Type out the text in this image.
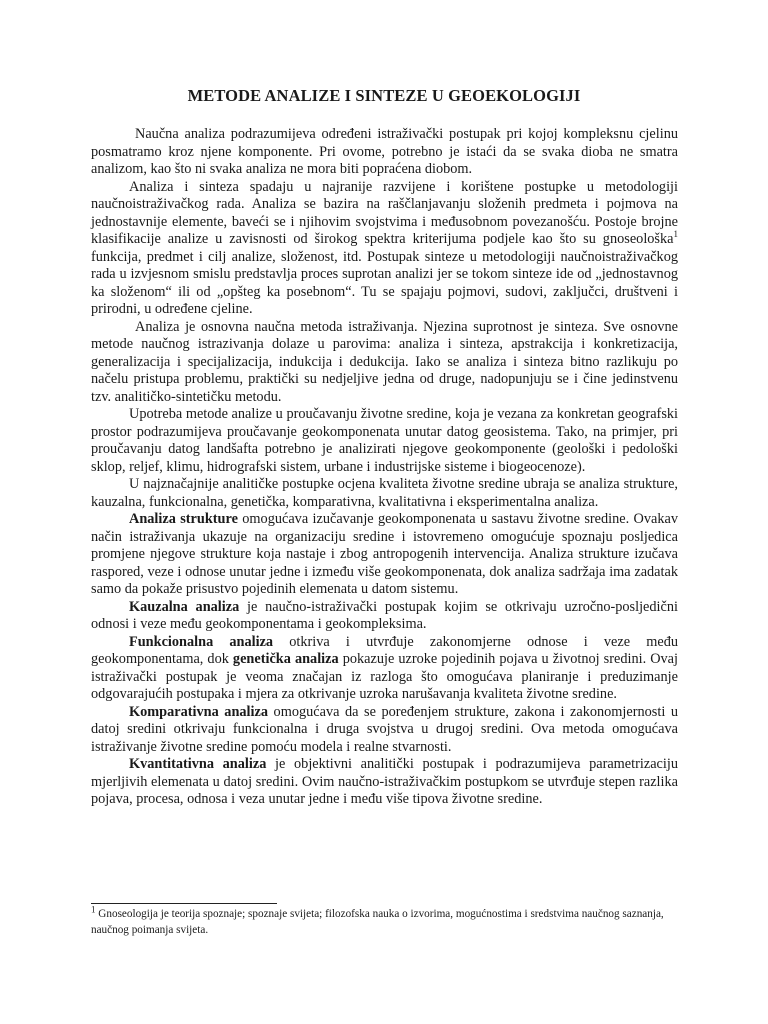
METODE ANALIZE I SINTEZE U GEOEKOLOGIJI

Naučna analiza podrazumijeva određeni istraživački postupak pri kojoj kompleksnu cjelinu posmatramo kroz njene komponente. Pri ovome, potrebno je istaći da se svaka dioba ne smatra analizom, kao što ni svaka analiza ne mora biti popraćena diobom.

Analiza i sinteza spadaju u najranije razvijene i korištene postupke u metodologiji naučnoistraživačkog rada. Analiza se bazira na raščlanjavanju složenih predmeta i pojmova na jednostavnije elemente, baveći se i njihovim svojstvima i međusobnom povezanošću. Postoje brojne klasifikacije analize u zavisnosti od širokog spektra kriterijuma podjele kao što su gnoseološka$^1$ funkcija, predmet i cilj analize, složenost, itd. Postupak sinteze u metodologiji naučnoistraživačkog rada u izvjesnom smislu predstavlja proces suprotan analizi jer se tokom sinteze ide od „jednostavnog ka složenom“ ili od „opšteg ka posebnom“. Tu se spajaju pojmovi, sudovi, zaključci, društveni i prirodni, u određene cjeline.

Analiza je osnovna naučna metoda istraživanja. Njezina suprotnost je sinteza. Sve osnovne metode naučnog istrazivanja dolaze u parovima: analiza i sinteza, apstrakcija i konkretizacija, generalizacija i specijalizacija, indukcija i dedukcija. Iako se analiza i sinteza bitno razlikuju po načelu pristupa problemu, praktički su nedjeljive jedna od druge, nadopunjuju se i čine jedinstvenu tzv. analitičko-sintetičku metodu.

Upotreba metode analize u proučavanju životne sredine, koja je vezana za konkretan geografski prostor podrazumijeva proučavanje geokomponenata unutar datog geosistema. Tako, na primjer, pri proučavanju datog landšafta potrebno je analizirati njegove geokomponente (geološki i pedološki sklop, reljef, klimu, hidrografski sistem, urbane i industrijske sisteme i biogeocenoze).

U najznačajnije analitičke postupke ocjena kvaliteta životne sredine ubraja se analiza strukture, kauzalna, funkcionalna, genetička, komparativna, kvalitativna i eksperimentalna analiza.

Analiza strukture omogućava izučavanje geokomponenata u sastavu životne sredine. Ovakav način istraživanja ukazuje na organizaciju sredine i istovremeno omogućuje spoznaju posljedica promjene njegove strukture koja nastaje i zbog antropogenih intervencija. Analiza strukture izučava raspored, veze i odnose unutar jedne i između više geokomponenata, dok analiza sadržaja ima zadatak samo da pokaže prisustvo pojedinih elemenata u datom sistemu.

Kauzalna analiza je naučno-istraživački postupak kojim se otkrivaju uzročno-posljedični odnosi i veze među geokomponentama i geokompleksima.

Funkcionalna analiza otkriva i utvrđuje zakonomjerne odnose i veze među geokomponentama, dok genetička analiza pokazuje uzroke pojedinih pojava u životnoj sredini. Ovaj istraživački postupak je veoma značajan iz razloga što omogućava planiranje i preduzimanje odgovarajućih postupaka i mjera za otkrivanje uzroka narušavanja kvaliteta životne sredine.

Komparativna analiza omogućava da se poređenjem strukture, zakona i zakonomjernosti u datoj sredini otkrivaju funkcionalna i druga svojstva u drugoj sredini. Ova metoda omogućava istraživanje životne sredine pomoću modela i realne stvarnosti.

Kvantitativna analiza je objektivni analitički postupak i podrazumijeva parametrizaciju mjerljivih elemenata u datoj sredini. Ovim naučno-istraživačkim postupkom se utvrđuje stepen razlika pojava, procesa, odnosa i veza unutar jedne i među više tipova životne sredine.

$^1$ Gnoseologija je teorija spoznaje; spoznaje svijeta; filozofska nauka o izvorima, mogućnostima i sredstvima naučnog saznanja, naučnog poimanja svijeta.
